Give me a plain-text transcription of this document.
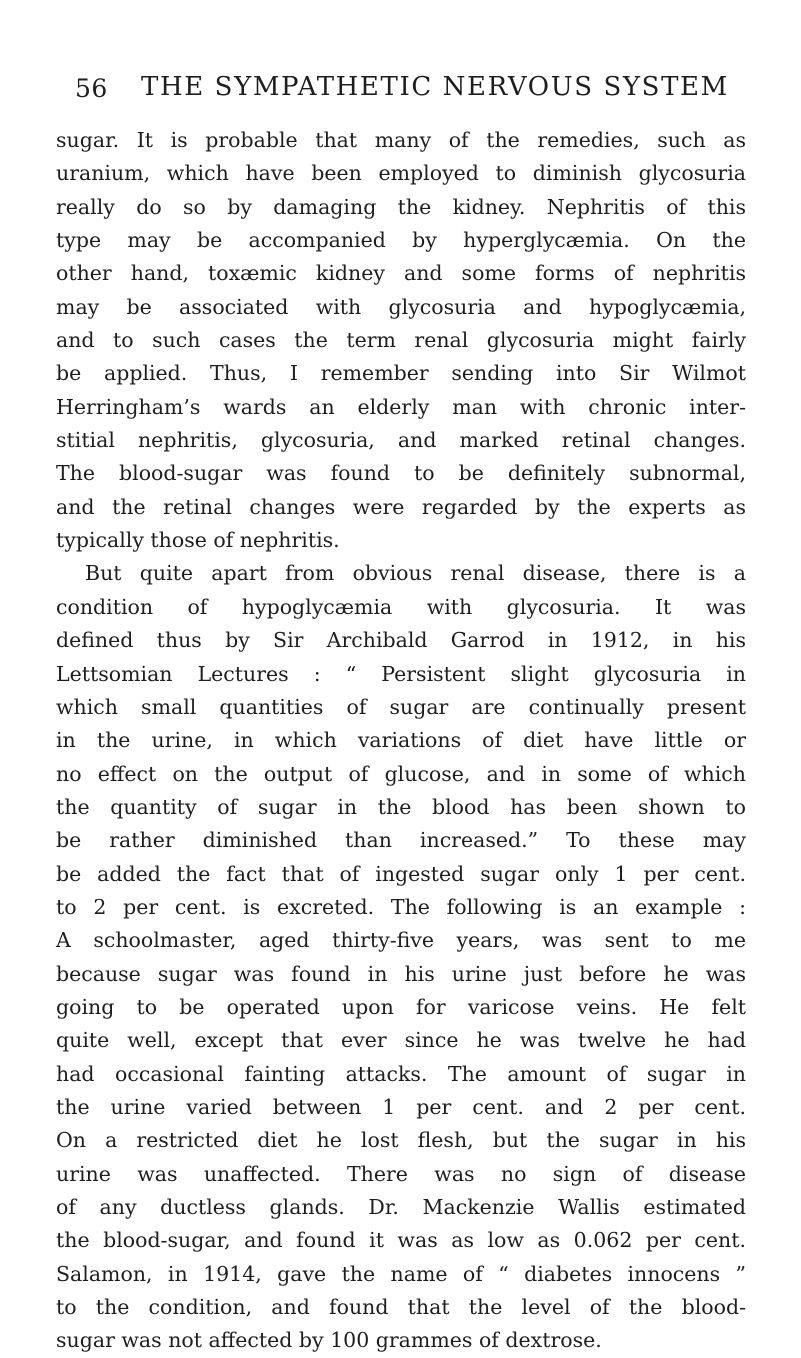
56 THE SYMPATHETIC NERVOUS SYSTEM
sugar. It is probable that many of the remedies, such as
uranium, which have been employed to diminish glycosuria
really do so by damaging the kidney. Nephritis of this
type may be accompanied by hyperglycæmia. On the
other hand, toxæmic kidney and some forms of nephritis
may be associated with glycosuria and hypoglycæmia,
and to such cases the term renal glycosuria might fairly
be applied. Thus, I remember sending into Sir Wilmot
Herringham’s wards an elderly man with chronic inter-
stitial nephritis, glycosuria, and marked retinal changes.
The blood-sugar was found to be definitely subnormal,
and the retinal changes were regarded by the experts as
typically those of nephritis.
But quite apart from obvious renal disease, there is a
condition of hypoglycæmia with glycosuria. It was
defined thus by Sir Archibald Garrod in 1912, in his
Lettsomian Lectures : “ Persistent slight glycosuria in
which small quantities of sugar are continually present
in the urine, in which variations of diet have little or
no effect on the output of glucose, and in some of which
the quantity of sugar in the blood has been shown to
be rather diminished than increased.” To these may
be added the fact that of ingested sugar only 1 per cent.
to 2 per cent. is excreted. The following is an example :
A schoolmaster, aged thirty-five years, was sent to me
because sugar was found in his urine just before he was
going to be operated upon for varicose veins. He felt
quite well, except that ever since he was twelve he had
had occasional fainting attacks. The amount of sugar in
the urine varied between 1 per cent. and 2 per cent.
On a restricted diet he lost flesh, but the sugar in his
urine was unaffected. There was no sign of disease
of any ductless glands. Dr. Mackenzie Wallis estimated
the blood-sugar, and found it was as low as 0.062 per cent.
Salamon, in 1914, gave the name of “ diabetes innocens ”
to the condition, and found that the level of the blood-
sugar was not affected by 100 grammes of dextrose.
